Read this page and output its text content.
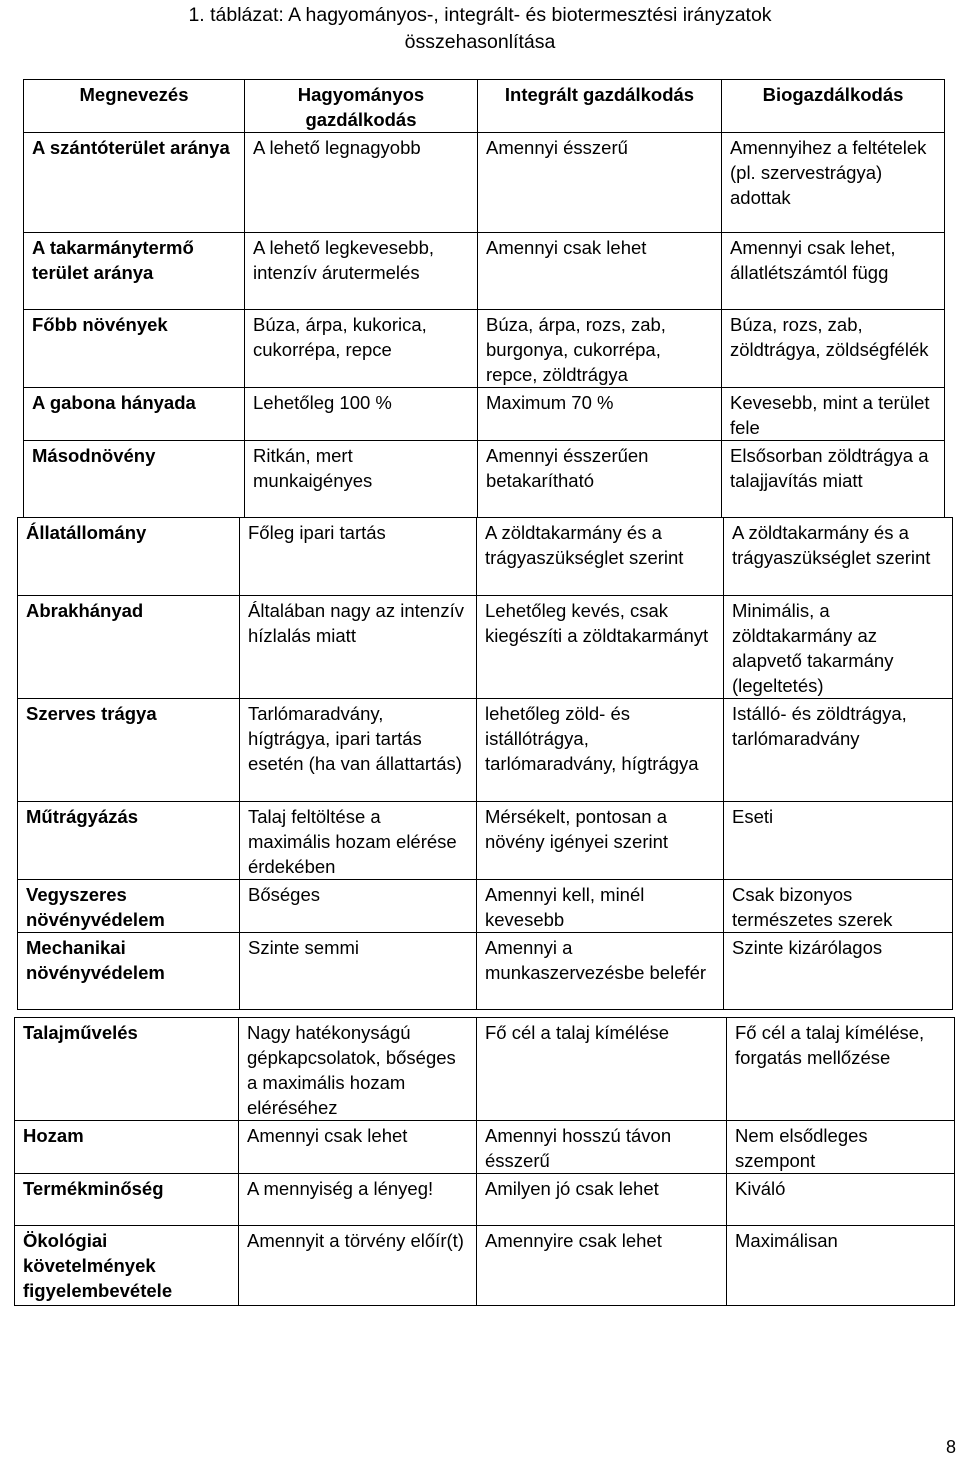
1. táblázat: A hagyományos-, integrált- és biotermesztési irányzatok
összehasonlítása
Megnevezés	Hagyományos gazdálkodás	Integrált gazdálkodás	Biogazdálkodás
A szántóterület aránya	A lehető legnagyobb	Amennyi ésszerű	Amennyihez a feltételek (pl. szervestrágya) adottak
A takarmánytermő terület aránya	A lehető legkevesebb, intenzív árutermelés	Amennyi csak lehet	Amennyi csak lehet, állatlétszámtól függ
Főbb növények	Búza, árpa, kukorica, cukorrépa, repce	Búza, árpa, rozs, zab, burgonya, cukorrépa, repce, zöldtrágya	Búza, rozs, zab, zöldtrágya, zöldségfélék
A gabona hányada	Lehetőleg 100 %	Maximum 70 %	Kevesebb, mint a terület fele
Másodnövény	Ritkán, mert munkaigényes	Amennyi ésszerűen betakarítható	Elsősorban zöldtrágya a talajjavítás miatt
Állatállomány	Főleg ipari tartás	A zöldtakarmány és a trágyaszükséglet szerint	A zöldtakarmány és a trágyaszükséglet szerint
Abrakhányad	Általában nagy az intenzív hízlalás miatt	Lehetőleg kevés, csak kiegészíti a zöldtakarmányt	Minimális, a zöldtakarmány az alapvető takarmány (legeltetés)
Szerves trágya	Tarlómaradvány, hígtrágya, ipari tartás esetén (ha van állattartás)	lehetőleg zöld- és istállótrágya, tarlómaradvány, hígtrágya	Istálló- és zöldtrágya, tarlómaradvány
Műtrágyázás	Talaj feltöltése a maximális hozam elérése érdekében	Mérsékelt, pontosan a növény igényei szerint	Eseti
Vegyszeres növényvédelem	Bőséges	Amennyi kell, minél kevesebb	Csak bizonyos természetes szerek
Mechanikai növényvédelem	Szinte semmi	Amennyi a munkaszervezésbe belefér	Szinte kizárólagos
Talajművelés	Nagy hatékonyságú gépkapcsolatok, bőséges a maximális hozam eléréséhez	Fő cél a talaj kímélése	Fő cél a talaj kímélése, forgatás mellőzése
Hozam	Amennyi csak lehet	Amennyi hosszú távon ésszerű	Nem elsődleges szempont
Termékminőség	A mennyiség a lényeg!	Amilyen jó csak lehet	Kiváló
Ökológiai követelmények figyelembevétele	Amennyit a törvény előír(t)	Amennyire csak lehet	Maximálisan
8
